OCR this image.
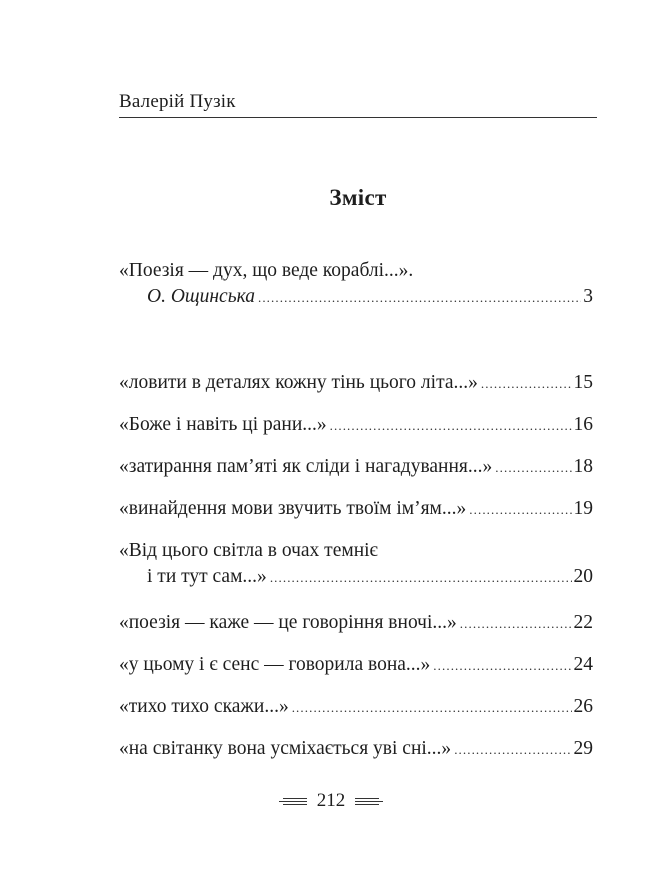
Валерій Пузік
Зміст
«Поезія — дух, що веде кораблі...».
О. Ощинська .....	3
«ловити в деталях кожну тінь цього літа...» .....	15
«Боже і навіть ці рани...» .....	16
«затирання пам’яті як сліди і нагадування...» .....	18
«винайдення мови звучить твоїм ім’ям...» .....	19
«Від цього світла в очах темніє
і ти тут сам...» .....	20
«поезія — каже — це говоріння вночі...» .....	22
«у цьому і є сенс — говорила вона...» .....	24
«тихо тихо скажи...» .....	26
«на світанку вона усміхається уві сні...» .....	29
212
